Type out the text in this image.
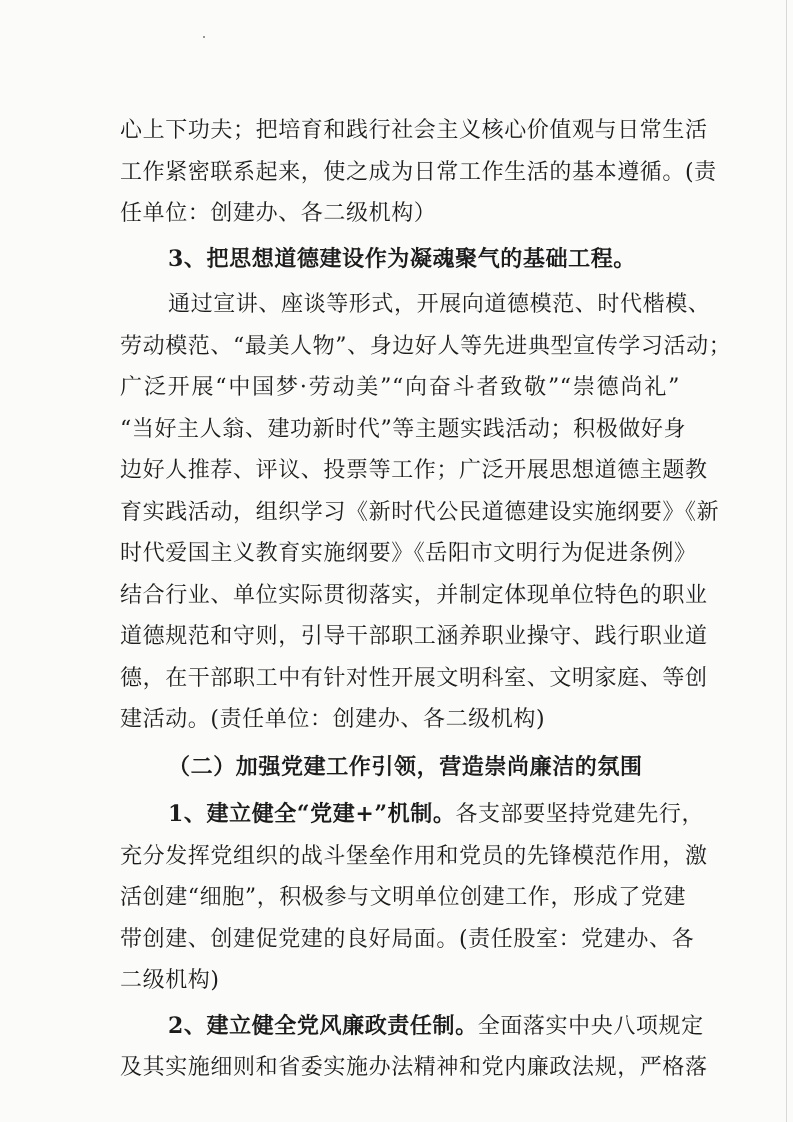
心上下功夫；把培育和践行社会主义核心价值观与日常生活
工作紧密联系起来，使之成为日常工作生活的基本遵循。(责
任单位：创建办、各二级机构）
3、把思想道德建设作为凝魂聚气的基础工程。
通过宣讲、座谈等形式，开展向道德模范、时代楷模、
劳动模范、“最美人物”、身边好人等先进典型宣传学习活动；
广泛开展“中国梦·劳动美”“向奋斗者致敬”“崇德尚礼”
“当好主人翁、建功新时代”等主题实践活动；积极做好身
边好人推荐、评议、投票等工作；广泛开展思想道德主题教
育实践活动，组织学习《新时代公民道德建设实施纲要》《新
时代爱国主义教育实施纲要》《岳阳市文明行为促进条例》
结合行业、单位实际贯彻落实，并制定体现单位特色的职业
道德规范和守则，引导干部职工涵养职业操守、践行职业道
德，在干部职工中有针对性开展文明科室、文明家庭、等创
建活动。(责任单位：创建办、各二级机构)
（二）加强党建工作引领，营造崇尚廉洁的氛围
1、建立健全“党建+”机制。各支部要坚持党建先行，
充分发挥党组织的战斗堡垒作用和党员的先锋模范作用，激
活创建“细胞”，积极参与文明单位创建工作，形成了党建
带创建、创建促党建的良好局面。(责任股室：党建办、各
二级机构)
2、建立健全党风廉政责任制。全面落实中央八项规定
及其实施细则和省委实施办法精神和党内廉政法规，严格落
